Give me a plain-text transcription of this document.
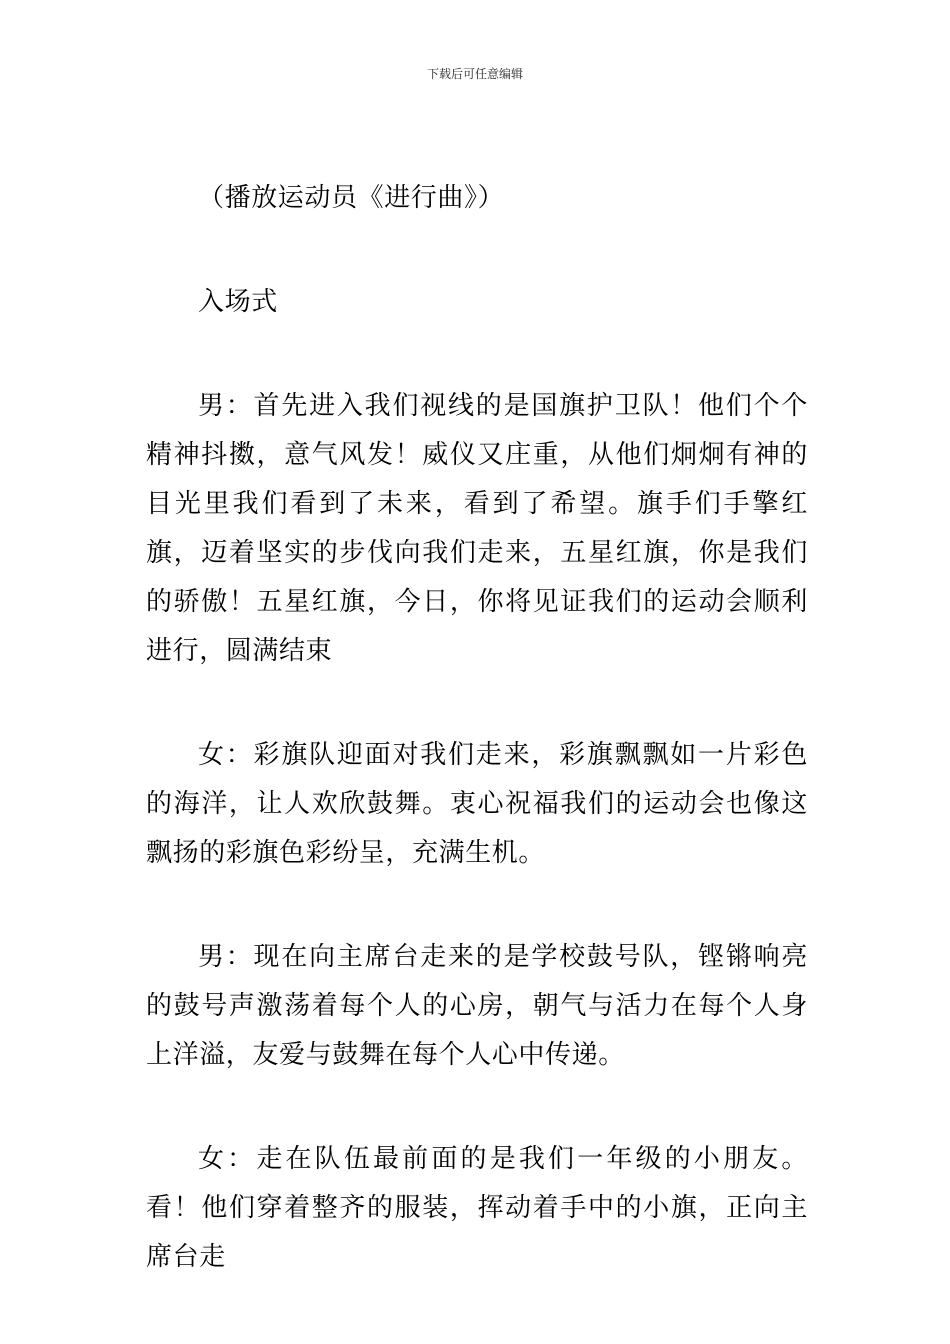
下载后可任意编辑

（播放运动员《进行曲》）

入场式

男：首先进入我们视线的是国旗护卫队！他们个个精神抖擞，意气风发！威仪又庄重，从他们炯炯有神的目光里我们看到了未来，看到了希望。旗手们手擎红旗，迈着坚实的步伐向我们走来，五星红旗，你是我们的骄傲！五星红旗，今日，你将见证我们的运动会顺利进行，圆满结束

女：彩旗队迎面对我们走来，彩旗飘飘如一片彩色的海洋，让人欢欣鼓舞。衷心祝福我们的运动会也像这飘扬的彩旗色彩纷呈，充满生机。

男：现在向主席台走来的是学校鼓号队，铿锵响亮的鼓号声激荡着每个人的心房，朝气与活力在每个人身上洋溢，友爱与鼓舞在每个人心中传递。

女：走在队伍最前面的是我们一年级的小朋友。看！他们穿着整齐的服装，挥动着手中的小旗，正向主席台走
